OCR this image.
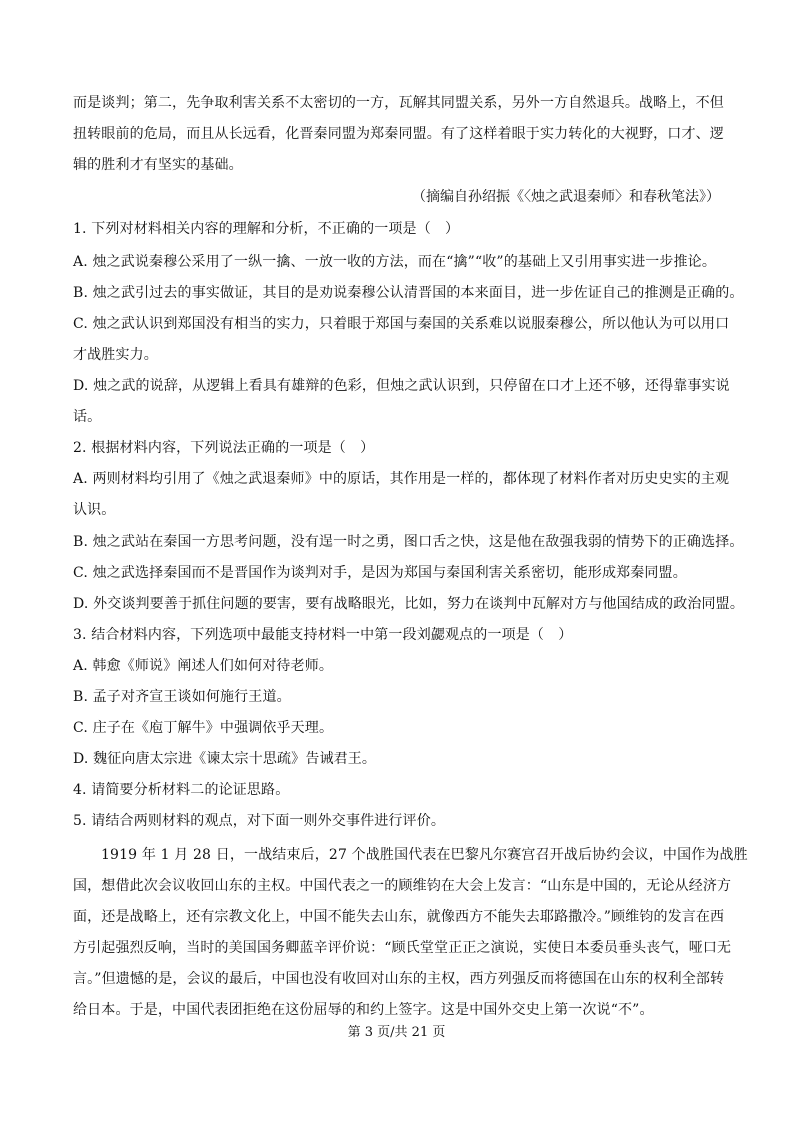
而是谈判；第二，先争取利害关系不太密切的一方，瓦解其同盟关系，另外一方自然退兵。战略上，不但
扭转眼前的危局，而且从长远看，化晋秦同盟为郑秦同盟。有了这样着眼于实力转化的大视野，口才、逻
辑的胜利才有坚实的基础。
（摘编自孙绍振《〈烛之武退秦师〉和春秋笔法》）
1. 下列对材料相关内容的理解和分析，不正确的一项是（　）
A. 烛之武说秦穆公采用了一纵一擒、一放一收的方法，而在“擒”“收”的基础上又引用事实进一步推论。
B. 烛之武引过去的事实做证，其目的是劝说秦穆公认清晋国的本来面目，进一步佐证自己的推测是正确的。
C. 烛之武认识到郑国没有相当的实力，只着眼于郑国与秦国的关系难以说服秦穆公，所以他认为可以用口
才战胜实力。
D. 烛之武的说辞，从逻辑上看具有雄辩的色彩，但烛之武认识到，只停留在口才上还不够，还得靠事实说
话。
2. 根据材料内容，下列说法正确的一项是（　）
A. 两则材料均引用了《烛之武退秦师》中的原话，其作用是一样的，都体现了材料作者对历史史实的主观
认识。
B. 烛之武站在秦国一方思考问题，没有逞一时之勇，图口舌之快，这是他在敌强我弱的情势下的正确选择。
C. 烛之武选择秦国而不是晋国作为谈判对手，是因为郑国与秦国利害关系密切，能形成郑秦同盟。
D. 外交谈判要善于抓住问题的要害，要有战略眼光，比如，努力在谈判中瓦解对方与他国结成的政治同盟。
3. 结合材料内容，下列选项中最能支持材料一中第一段刘勰观点的一项是（　）
A. 韩愈《师说》阐述人们如何对待老师。
B. 孟子对齐宣王谈如何施行王道。
C. 庄子在《庖丁解牛》中强调依乎天理。
D. 魏征向唐太宗进《谏太宗十思疏》告诫君王。
4. 请简要分析材料二的论证思路。
5. 请结合两则材料的观点，对下面一则外交事件进行评价。
1919 年 1 月 28 日，一战结束后，27 个战胜国代表在巴黎凡尔赛宫召开战后协约会议，中国作为战胜
国，想借此次会议收回山东的主权。中国代表之一的顾维钧在大会上发言：“山东是中国的，无论从经济方
面，还是战略上，还有宗教文化上，中国不能失去山东，就像西方不能失去耶路撒冷。”顾维钧的发言在西
方引起强烈反响，当时的美国国务卿蓝辛评价说：“顾氏堂堂正正之演说，实使日本委员垂头丧气，哑口无
言。”但遗憾的是，会议的最后，中国也没有收回对山东的主权，西方列强反而将德国在山东的权利全部转
给日本。于是，中国代表团拒绝在这份屈辱的和约上签字。这是中国外交史上第一次说“不”。
第 3 页/共 21 页
